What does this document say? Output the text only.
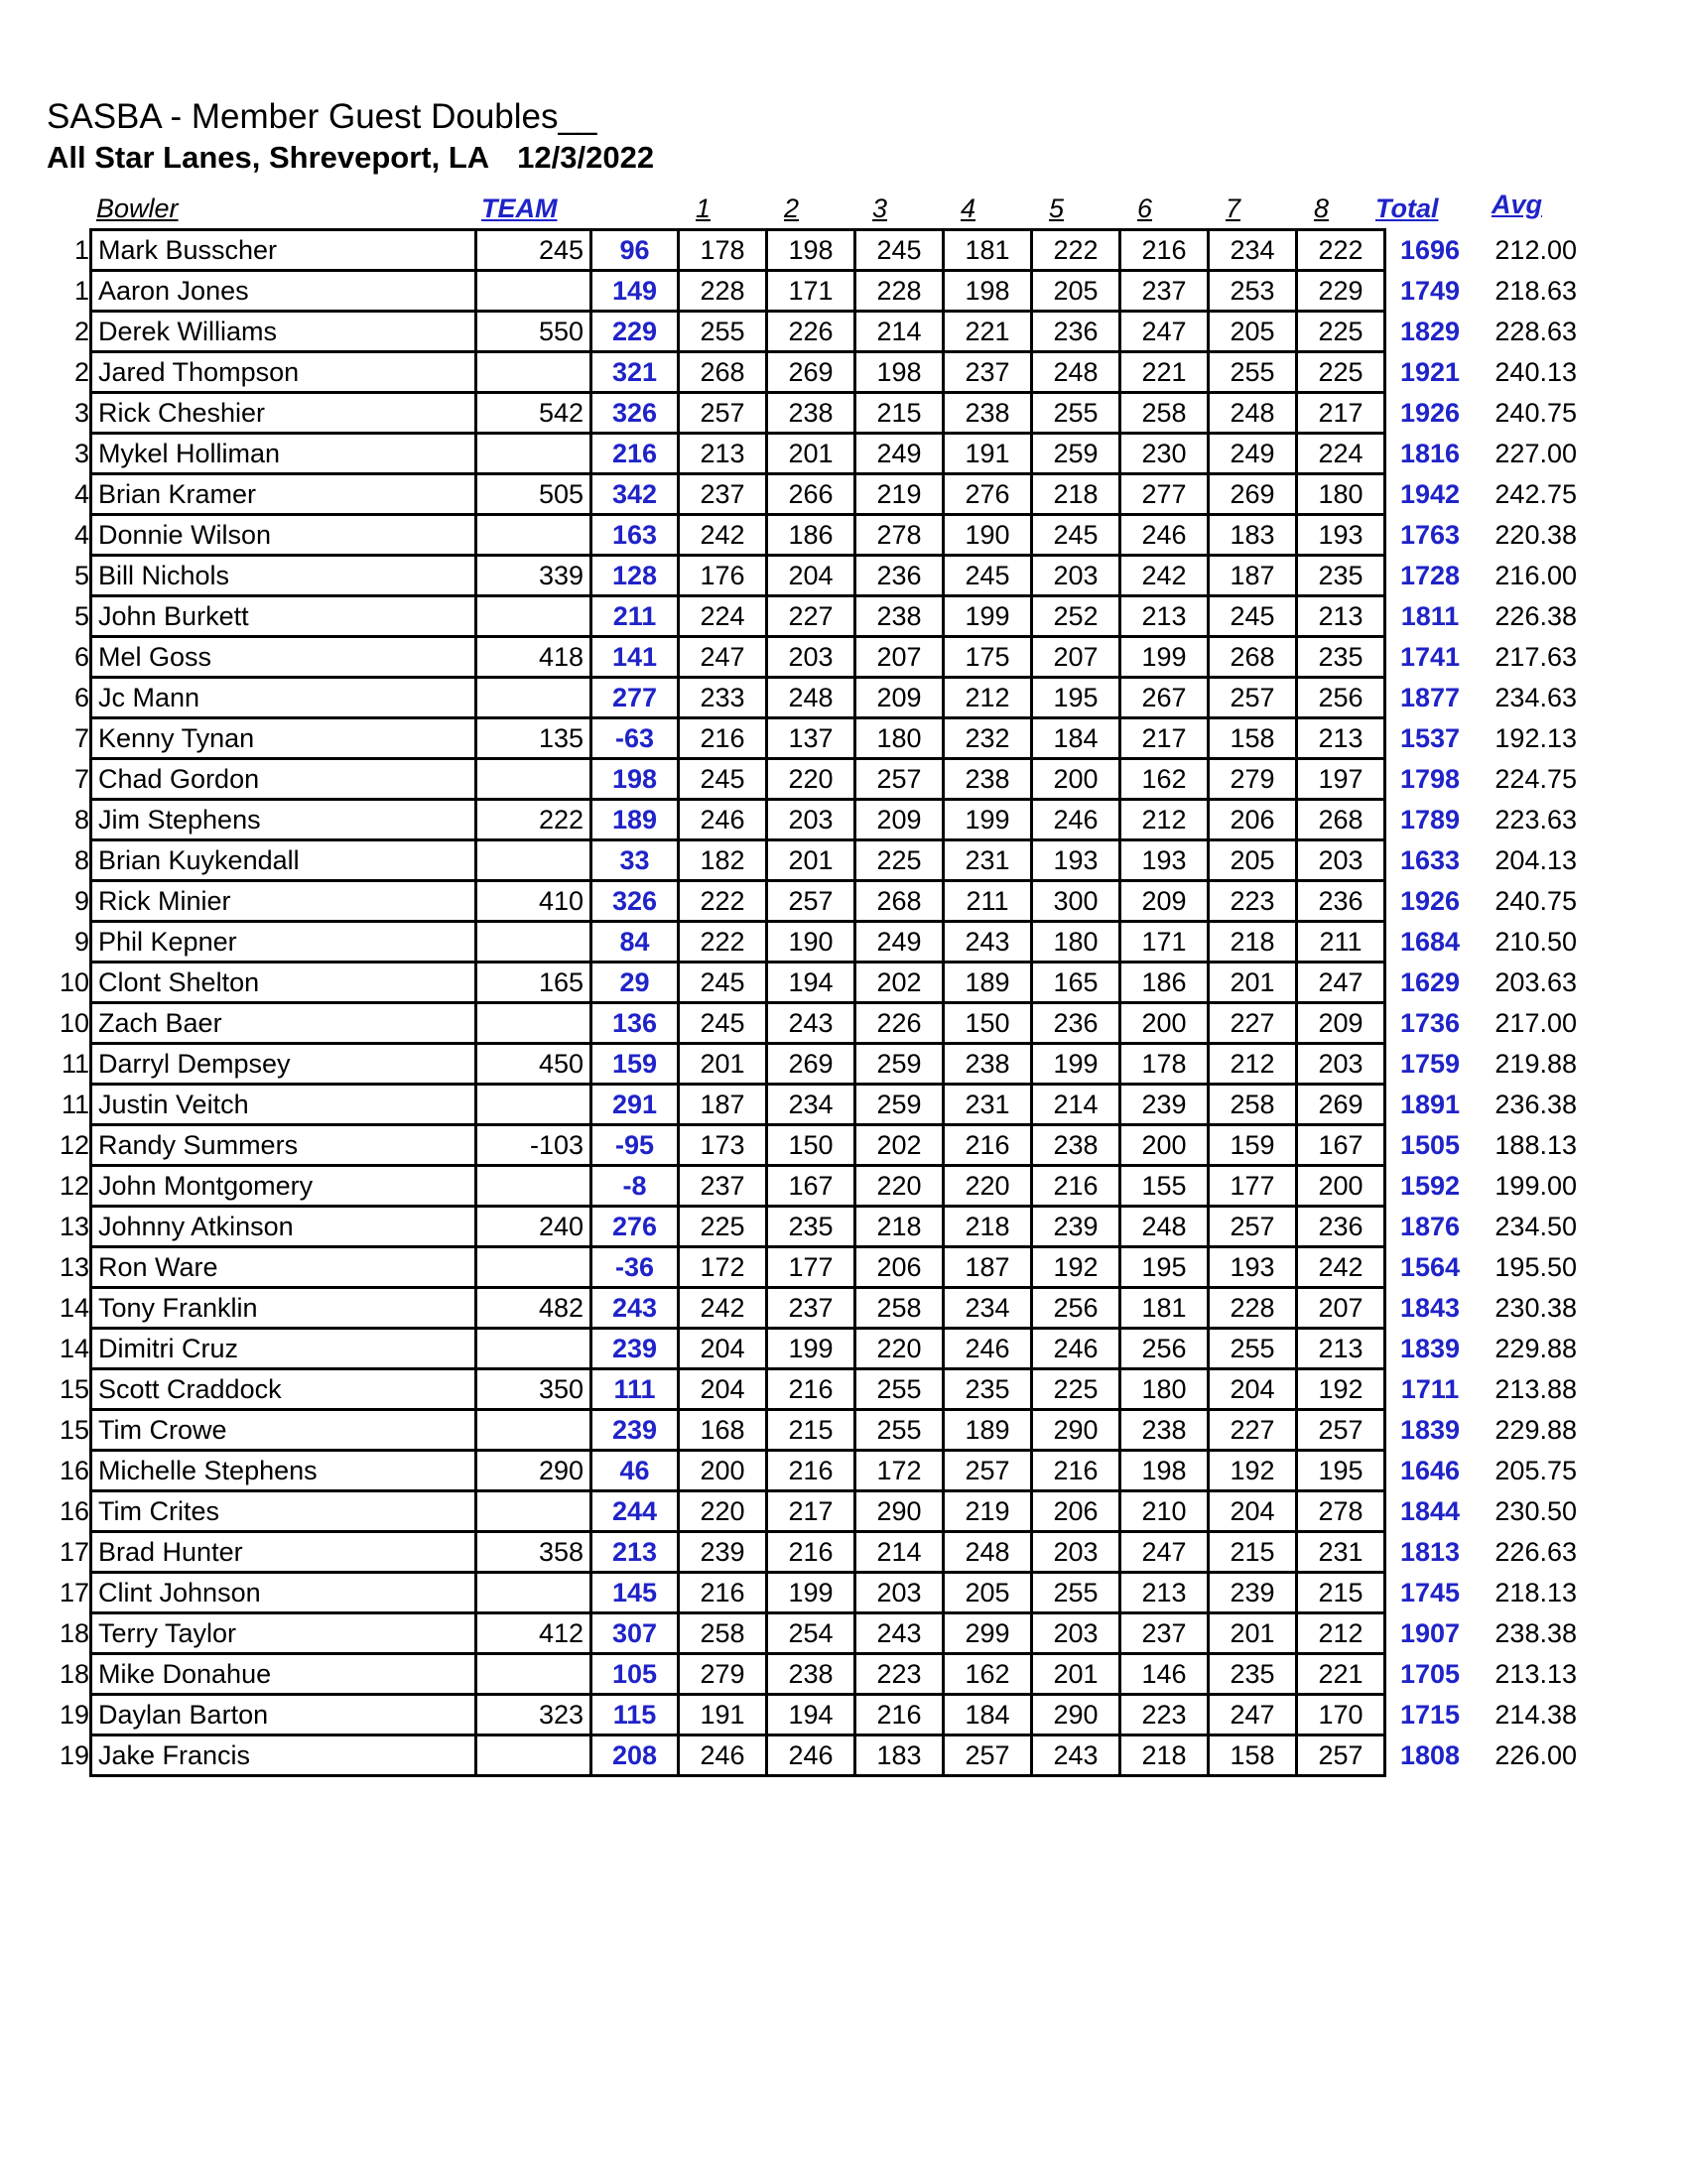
SASBA - Member Guest Doubles__
All Star Lanes, Shreveport, LA 12/3/2022
Bowler	TEAM	1	2	3	4	5	6	7	8	Total Avg
1	Mark Busscher	245	96	178	198	245	181	222	216	234	222	1696	212.00
1	Aaron Jones		149	228	171	228	198	205	237	253	229	1749	218.63
2	Derek Williams	550	229	255	226	214	221	236	247	205	225	1829	228.63
2	Jared Thompson		321	268	269	198	237	248	221	255	225	1921	240.13
3	Rick Cheshier	542	326	257	238	215	238	255	258	248	217	1926	240.75
3	Mykel Holliman		216	213	201	249	191	259	230	249	224	1816	227.00
4	Brian Kramer	505	342	237	266	219	276	218	277	269	180	1942	242.75
4	Donnie Wilson		163	242	186	278	190	245	246	183	193	1763	220.38
5	Bill Nichols	339	128	176	204	236	245	203	242	187	235	1728	216.00
5	John Burkett		211	224	227	238	199	252	213	245	213	1811	226.38
6	Mel Goss	418	141	247	203	207	175	207	199	268	235	1741	217.63
6	Jc Mann		277	233	248	209	212	195	267	257	256	1877	234.63
7	Kenny Tynan	135	-63	216	137	180	232	184	217	158	213	1537	192.13
7	Chad Gordon		198	245	220	257	238	200	162	279	197	1798	224.75
8	Jim Stephens	222	189	246	203	209	199	246	212	206	268	1789	223.63
8	Brian Kuykendall		33	182	201	225	231	193	193	205	203	1633	204.13
9	Rick Minier	410	326	222	257	268	211	300	209	223	236	1926	240.75
9	Phil Kepner		84	222	190	249	243	180	171	218	211	1684	210.50
10	Clont Shelton	165	29	245	194	202	189	165	186	201	247	1629	203.63
10	Zach Baer		136	245	243	226	150	236	200	227	209	1736	217.00
11	Darryl Dempsey	450	159	201	269	259	238	199	178	212	203	1759	219.88
11	Justin Veitch		291	187	234	259	231	214	239	258	269	1891	236.38
12	Randy Summers	-103	-95	173	150	202	216	238	200	159	167	1505	188.13
12	John Montgomery		-8	237	167	220	220	216	155	177	200	1592	199.00
13	Johnny Atkinson	240	276	225	235	218	218	239	248	257	236	1876	234.50
13	Ron Ware		-36	172	177	206	187	192	195	193	242	1564	195.50
14	Tony Franklin	482	243	242	237	258	234	256	181	228	207	1843	230.38
14	Dimitri Cruz		239	204	199	220	246	246	256	255	213	1839	229.88
15	Scott Craddock	350	111	204	216	255	235	225	180	204	192	1711	213.88
15	Tim Crowe		239	168	215	255	189	290	238	227	257	1839	229.88
16	Michelle Stephens	290	46	200	216	172	257	216	198	192	195	1646	205.75
16	Tim Crites		244	220	217	290	219	206	210	204	278	1844	230.50
17	Brad Hunter	358	213	239	216	214	248	203	247	215	231	1813	226.63
17	Clint Johnson		145	216	199	203	205	255	213	239	215	1745	218.13
18	Terry Taylor	412	307	258	254	243	299	203	237	201	212	1907	238.38
18	Mike Donahue		105	279	238	223	162	201	146	235	221	1705	213.13
19	Daylan Barton	323	115	191	194	216	184	290	223	247	170	1715	214.38
19	Jake Francis		208	246	246	183	257	243	218	158	257	1808	226.00
